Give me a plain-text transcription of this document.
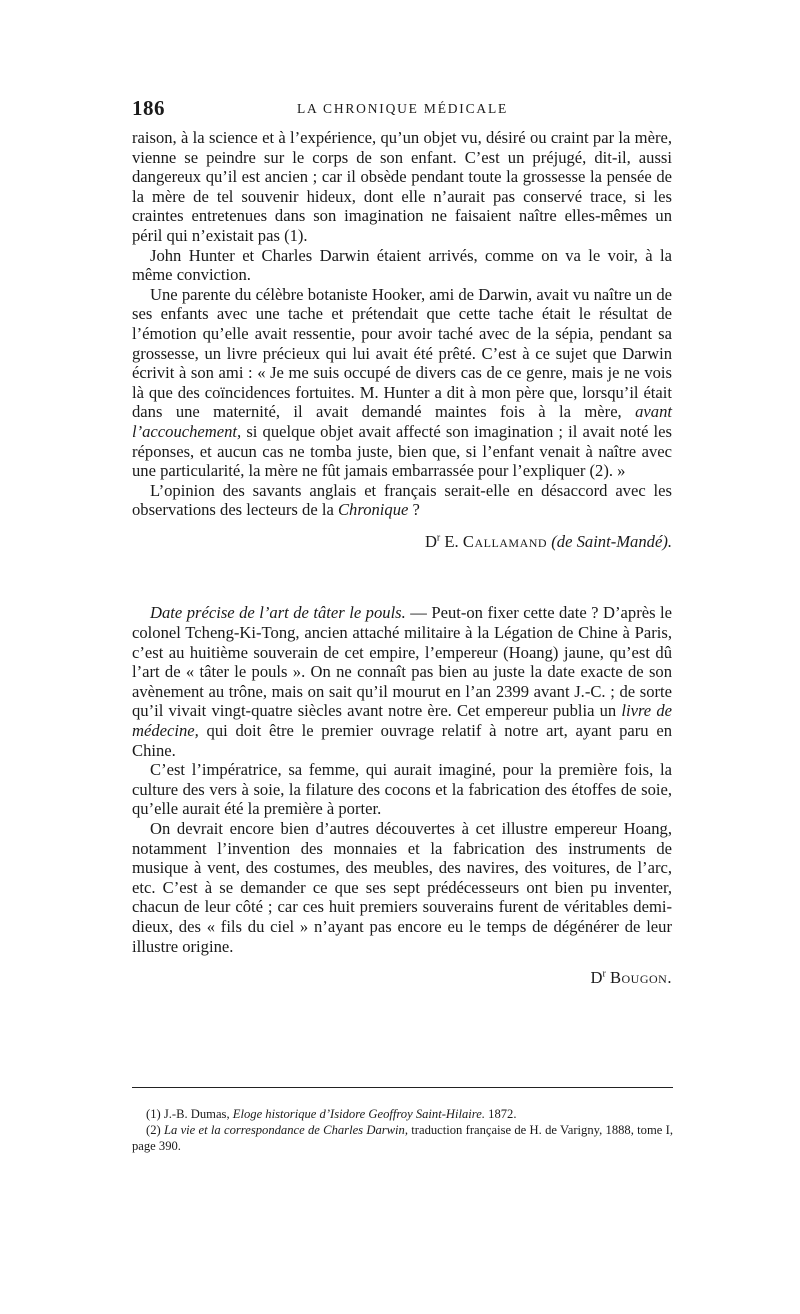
186	LA CHRONIQUE MÉDICALE

raison, à la science et à l’expérience, qu’un objet vu, désiré ou craint par la mère, vienne se peindre sur le corps de son enfant. C’est un préjugé, dit-il, aussi dangereux qu’il est ancien ; car il obsède pendant toute la grossesse la pensée de la mère de tel souvenir hideux, dont elle n’aurait pas conservé trace, si les craintes entretenues dans son imagination ne faisaient naître elles-mêmes un péril qui n’existait pas (1).

John Hunter et Charles Darwin étaient arrivés, comme on va le voir, à la même conviction.

Une parente du célèbre botaniste Hooker, ami de Darwin, avait vu naître un de ses enfants avec une tache et prétendait que cette tache était le résultat de l’émotion qu’elle avait ressentie, pour avoir taché avec de la sépia, pendant sa grossesse, un livre précieux qui lui avait été prêté. C’est à ce sujet que Darwin écrivit à son ami : « Je me suis occupé de divers cas de ce genre, mais je ne vois là que des coïncidences fortuites. M. Hunter a dit à mon père que, lorsqu’il était dans une maternité, il avait demandé maintes fois à la mère, avant l’accouchement, si quelque objet avait affecté son imagination ; il avait noté les réponses, et aucun cas ne tomba juste, bien que, si l’enfant venait à naître avec une particularité, la mère ne fût jamais embarrassée pour l’expliquer (2). »

L’opinion des savants anglais et français serait-elle en désaccord avec les observations des lecteurs de la Chronique ?

$D^r$ E. Callamand (de Saint-Mandé).

Date précise de l’art de tâter le pouls. — Peut-on fixer cette date ? D’après le colonel Tcheng-Ki-Tong, ancien attaché militaire à la Légation de Chine à Paris, c’est au huitième souverain de cet empire, l’empereur (Hoang) jaune, qu’est dû l’art de « tâter le pouls ». On ne connaît pas bien au juste la date exacte de son avènement au trône, mais on sait qu’il mourut en l’an 2399 avant J.-C. ; de sorte qu’il vivait vingt-quatre siècles avant notre ère. Cet empereur publia un livre de médecine, qui doit être le premier ouvrage relatif à notre art, ayant paru en Chine.

C’est l’impératrice, sa femme, qui aurait imaginé, pour la première fois, la culture des vers à soie, la filature des cocons et la fabrication des étoffes de soie, qu’elle aurait été la première à porter.

On devrait encore bien d’autres découvertes à cet illustre empereur Hoang, notamment l’invention des monnaies et la fabrication des instruments de musique à vent, des costumes, des meubles, des navires, des voitures, de l’arc, etc. C’est à se demander ce que ses sept prédécesseurs ont bien pu inventer, chacun de leur côté ; car ces huit premiers souverains furent de véritables demi-dieux, des « fils du ciel » n’ayant pas encore eu le temps de dégénérer de leur illustre origine.

$D^r$ Bougon.

(1) J.-B. Dumas, Eloge historique d’Isidore Geoffroy Saint-Hilaire. 1872.

(2) La vie et la correspondance de Charles Darwin, traduction française de H. de Varigny, 1888, tome I, page 390.
